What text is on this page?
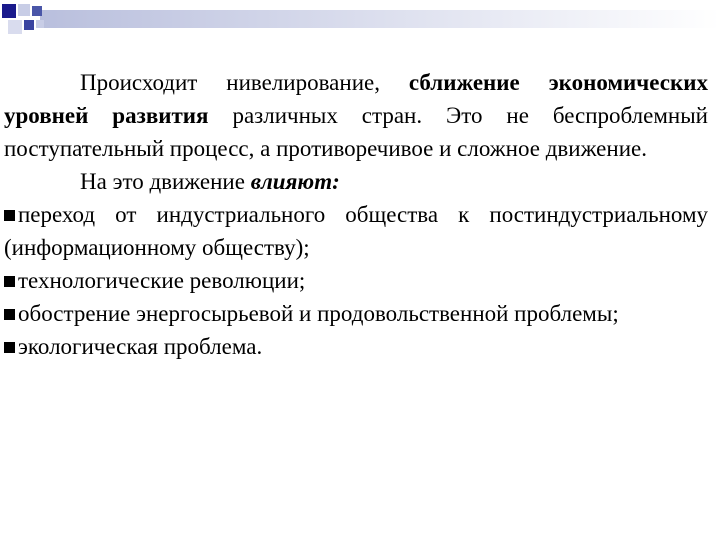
Происходит нивелирование, сближение экономических уровней развития различных стран. Это не беспроблемный поступательный процесс, а противоречивое и сложное движение.

На это движение влияют:

переход от индустриального общества к постиндустриальному (информационному обществу);

технологические революции;

обострение энергосырьевой и продовольственной проблемы;

экологическая проблема.
